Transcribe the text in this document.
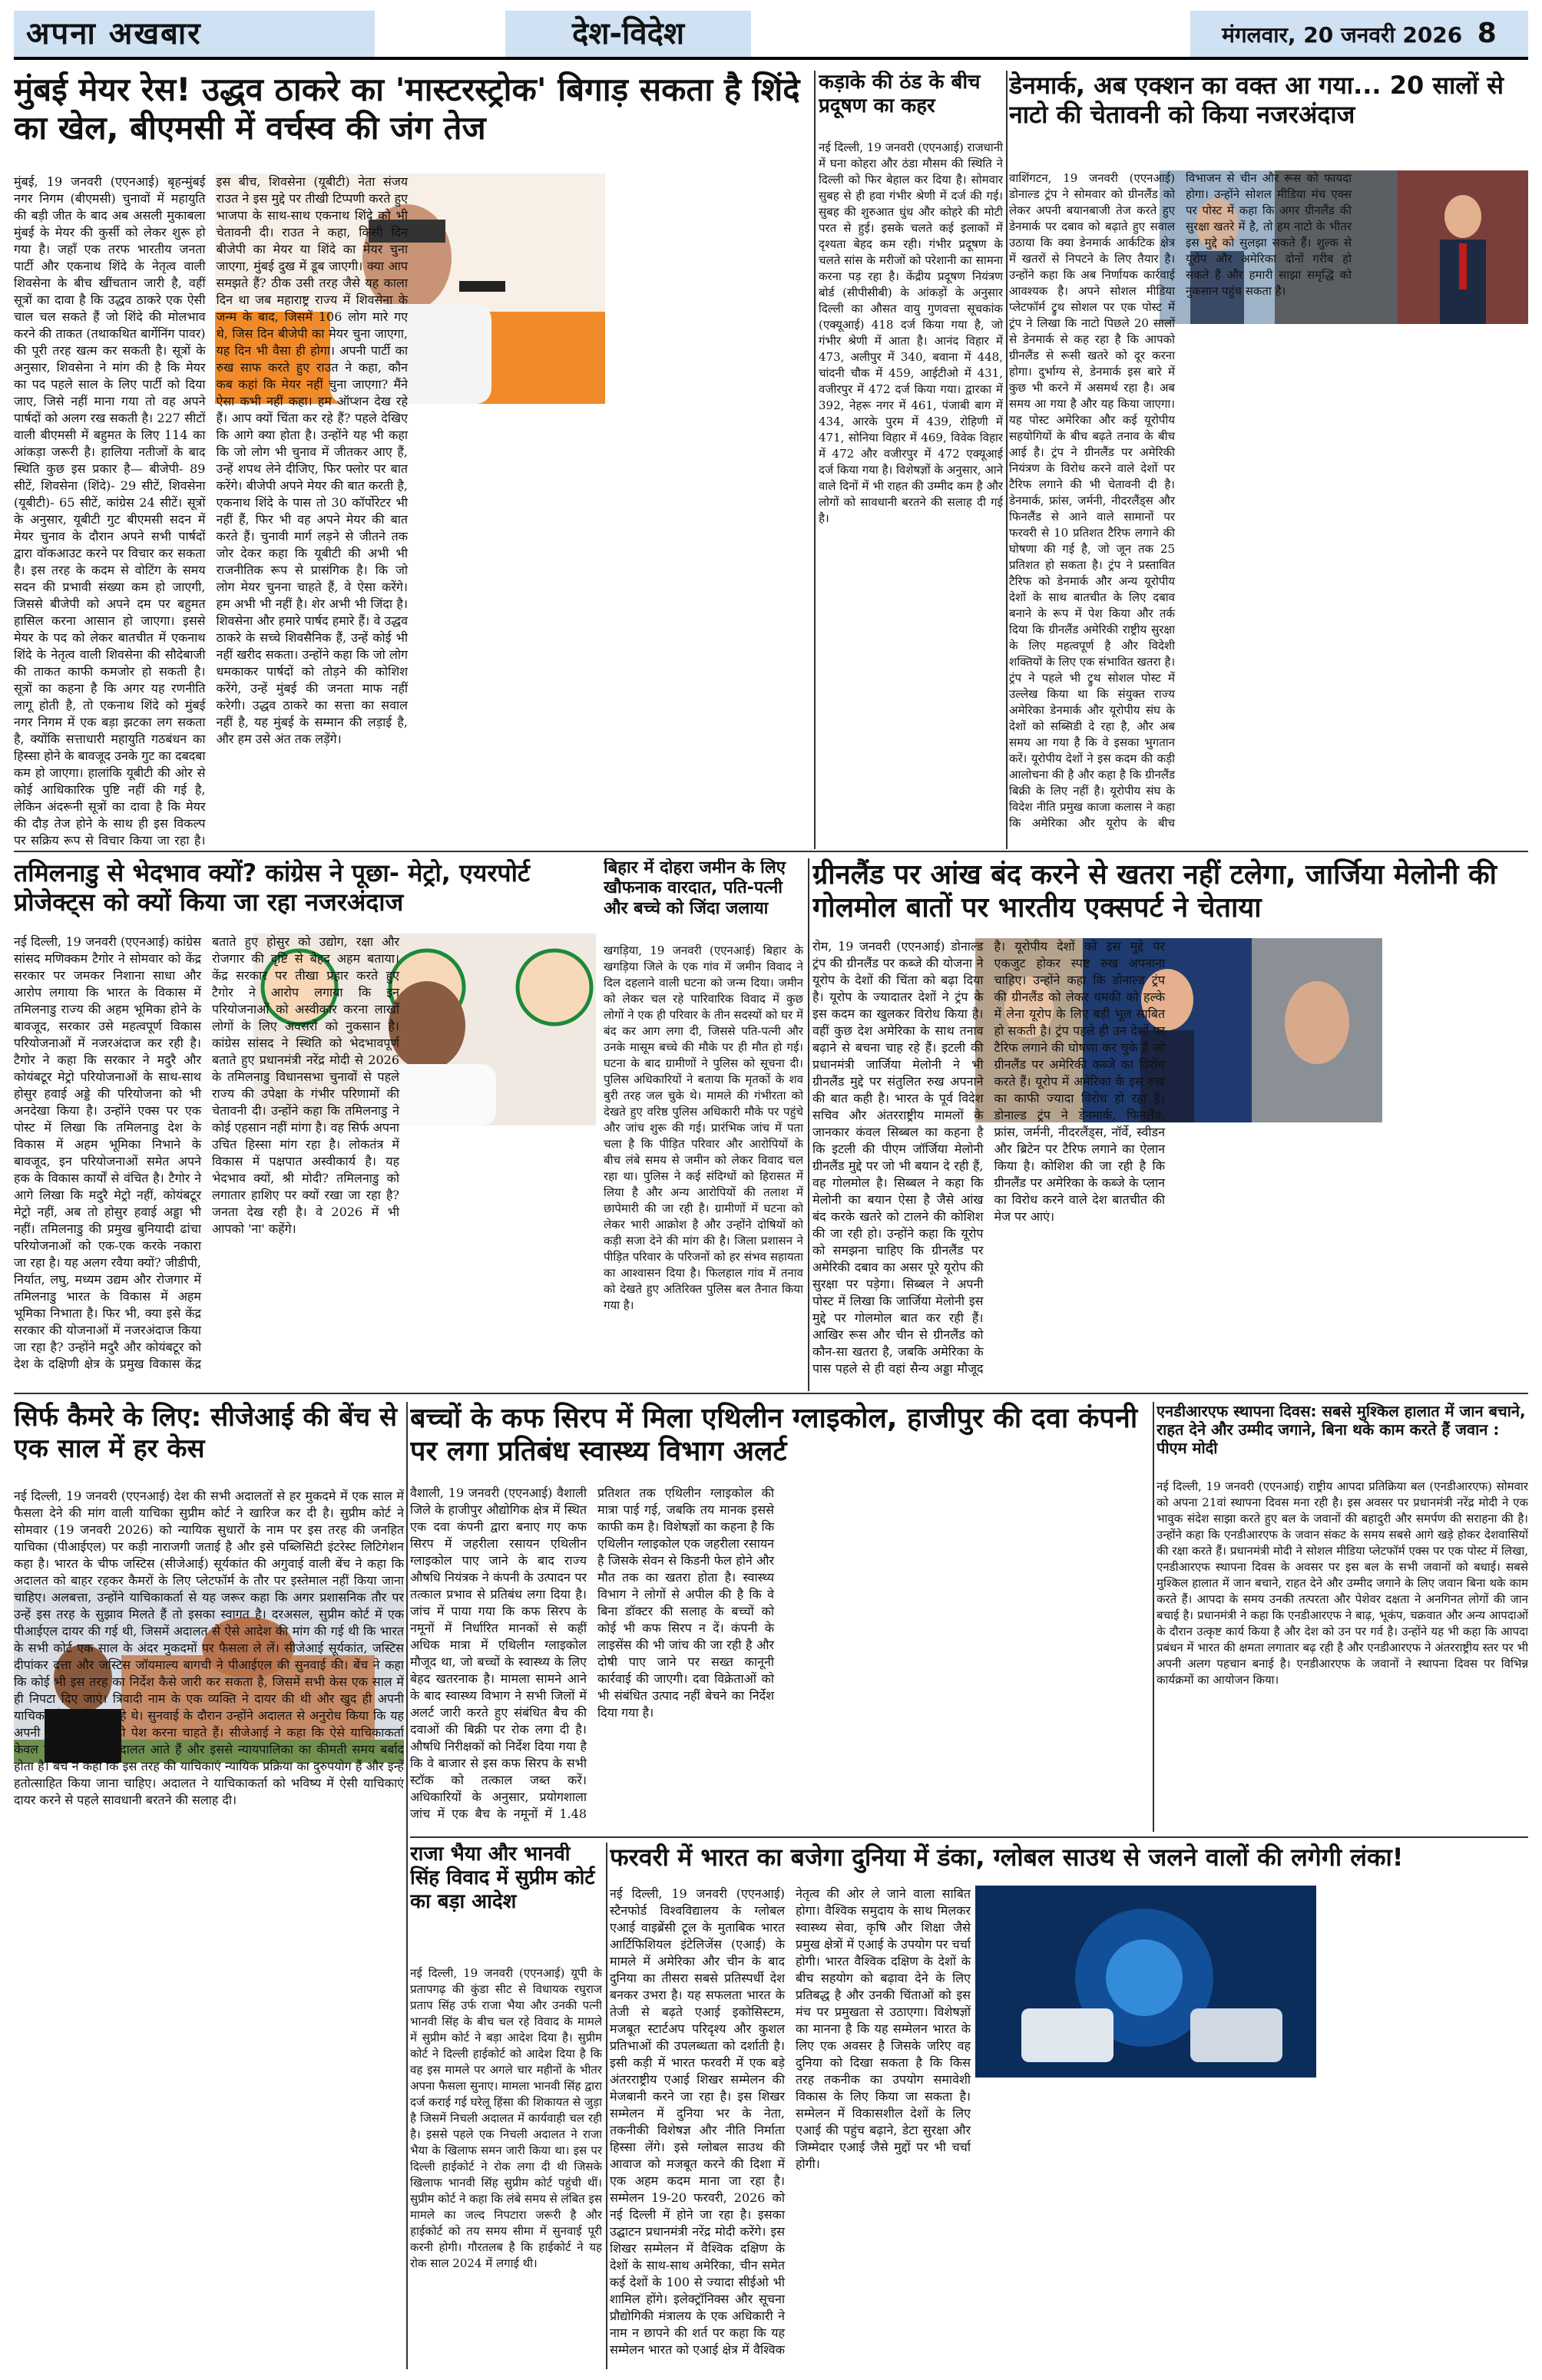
अपना अखबार	देश-विदेश	मंगलवार, 20 जनवरी 2026 8
मुंबई मेयर रेस! उद्धव ठाकरे का 'मास्टरस्ट्रोक' बिगाड़ सकता है शिंदे का खेल, बीएमसी में वर्चस्व की जंग तेज
मुंबई, 19 जनवरी (एएनआई) बृहन्मुंबई नगर निगम (बीएमसी) चुनावों में महायुति की बड़ी जीत के बाद अब असली मुकाबला मुंबई के मेयर की कुर्सी को लेकर शुरू हो गया है। जहाँ एक तरफ भारतीय जनता पार्टी और एकनाथ शिंदे के नेतृत्व वाली शिवसेना के बीच खींचतान जारी है, वहीं सूत्रों का दावा है कि उद्धव ठाकरे एक ऐसी चाल चल सकते हैं जो शिंदे की मोलभाव करने की ताकत (तथाकथित बार्गेनिंग पावर) की पूरी तरह खत्म कर सकती है। सूत्रों के अनुसार, शिवसेना ने मांग की है कि मेयर का पद पहले साल के लिए पार्टी को दिया जाए, जिसे नहीं माना गया तो वह अपने पार्षदों को अलग रख सकती है। 227 सीटों वाली बीएमसी में बहुमत के लिए 114 का आंकड़ा जरूरी है। हालिया नतीजों के बाद स्थिति कुछ इस प्रकार है— बीजेपी- 89 सीटें, शिवसेना (शिंदे)- 29 सीटें, शिवसेना (यूबीटी)- 65 सीटें, कांग्रेस 24 सीटें। सूत्रों के अनुसार, यूबीटी गुट बीएमसी सदन में मेयर चुनाव के दौरान अपने सभी पार्षदों द्वारा वॉकआउट करने पर विचार कर सकता है। इस तरह के कदम से वोटिंग के समय सदन की प्रभावी संख्या कम हो जाएगी, जिससे बीजेपी को अपने दम पर बहुमत हासिल करना आसान हो जाएगा। इससे मेयर के पद को लेकर बातचीत में एकनाथ शिंदे के नेतृत्व वाली शिवसेना की सौदेबाजी की ताकत काफी कमजोर हो सकती है। सूत्रों का कहना है कि अगर यह रणनीति लागू होती है, तो एकनाथ शिंदे को मुंबई नगर निगम में एक बड़ा झटका लग सकता है, क्योंकि सत्ताधारी महायुति गठबंधन का हिस्सा होने के बावजूद उनके गुट का दबदबा कम हो जाएगा। हालांकि यूबीटी की ओर से कोई आधिकारिक पुष्टि नहीं की गई है, लेकिन अंदरूनी सूत्रों का दावा है कि मेयर की दौड़ तेज होने के साथ ही इस विकल्प पर सक्रिय रूप से विचार किया जा रहा है। इस बीच, शिवसेना (यूबीटी) नेता संजय राउत ने इस मुद्दे पर तीखी टिप्पणी करते हुए भाजपा के साथ-साथ एकनाथ शिंदे को भी चेतावनी दी। राउत ने कहा, किसी दिन बीजेपी का मेयर या शिंदे का मेयर चुना जाएगा, मुंबई दुख में डूब जाएगी। क्या आप समझते हैं? ठीक उसी तरह जैसे यह काला दिन था जब महाराष्ट्र राज्य में शिवसेना के जन्म के बाद, जिसमें 106 लोग मारे गए थे, जिस दिन बीजेपी का मेयर चुना जाएगा, यह दिन भी वैसा ही होगा। अपनी पार्टी का रुख साफ करते हुए राउत ने कहा, कौन कब कहां कि मेयर नहीं चुना जाएगा? मैंने ऐसा कभी नहीं कहा। हम ऑप्शन देख रहे हैं। आप क्यों चिंता कर रहे हैं? पहले देखिए कि आगे क्या होता है। उन्होंने यह भी कहा कि जो लोग भी चुनाव में जीतकर आए हैं, उन्हें शपथ लेने दीजिए, फिर फ्लोर पर बात करेंगे। बीजेपी अपने मेयर की बात करती है, एकनाथ शिंदे के पास तो 30 कॉर्पोरेटर भी नहीं हैं, फिर भी वह अपने मेयर की बात करते हैं। चुनावी मार्ग लड़ने से जीतने तक जोर देकर कहा कि यूबीटी की अभी भी राजनीतिक रूप से प्रासंगिक है। कि जो लोग मेयर चुनना चाहते हैं, वे ऐसा करेंगे। हम अभी भी नहीं है। शेर अभी भी जिंदा है। शिवसेना और हमारे पार्षद हमारे हैं। वे उद्धव ठाकरे के सच्चे शिवसैनिक हैं, उन्हें कोई भी नहीं खरीद सकता। उन्होंने कहा कि जो लोग धमकाकर पार्षदों को तोड़ने की कोशिश करेंगे, उन्हें मुंबई की जनता माफ नहीं करेगी। उद्धव ठाकरे का सत्ता का सवाल नहीं है, यह मुंबई के सम्मान की लड़ाई है, और हम उसे अंत तक लड़ेंगे।
कड़ाके की ठंड के बीच प्रदूषण का कहर
नई दिल्ली, 19 जनवरी (एएनआई) राजधानी में घना कोहरा और ठंडा मौसम की स्थिति ने दिल्ली को फिर बेहाल कर दिया है। सोमवार सुबह से ही हवा गंभीर श्रेणी में दर्ज की गई। सुबह की शुरुआत धुंध और कोहरे की मोटी परत से हुई। इसके चलते कई इलाकों में दृश्यता बेहद कम रही। गंभीर प्रदूषण के चलते सांस के मरीजों को परेशानी का सामना करना पड़ रहा है। केंद्रीय प्रदूषण नियंत्रण बोर्ड (सीपीसीबी) के आंकड़ों के अनुसार दिल्ली का औसत वायु गुणवत्ता सूचकांक (एक्यूआई) 418 दर्ज किया गया है, जो गंभीर श्रेणी में आता है। आनंद विहार में 473, अलीपुर में 340, बवाना में 448, चांदनी चौक में 459, आईटीओ में 431, वजीरपुर में 472 दर्ज किया गया। द्वारका में 392, नेहरू नगर में 461, पंजाबी बाग में 434, आरके पुरम में 439, रोहिणी में 471, सोनिया विहार में 469, विवेक विहार में 472 और वजीरपुर में 472 एक्यूआई दर्ज किया गया है। विशेषज्ञों के अनुसार, आने वाले दिनों में भी राहत की उम्मीद कम है और लोगों को सावधानी बरतने की सलाह दी गई है।
डेनमार्क, अब एक्शन का वक्त आ गया... 20 सालों से नाटो की चेतावनी को किया नजरअंदाज
वाशिंगटन, 19 जनवरी (एएनआई) डोनाल्ड ट्रंप ने सोमवार को ग्रीनलैंड को लेकर अपनी बयानबाजी तेज करते हुए डेनमार्क पर दबाव को बढ़ाते हुए सवाल उठाया कि क्या डेनमार्क आर्कटिक क्षेत्र में खतरों से निपटने के लिए तैयार है। उन्होंने कहा कि अब निर्णायक कार्रवाई आवश्यक है। अपने सोशल मीडिया प्लेटफॉर्म ट्रुथ सोशल पर एक पोस्ट में ट्रंप ने लिखा कि नाटो पिछले 20 सालों से डेनमार्क से कह रहा है कि आपको ग्रीनलैंड से रूसी खतरे को दूर करना होगा। दुर्भाग्य से, डेनमार्क इस बारे में कुछ भी करने में असमर्थ रहा है। अब समय आ गया है और यह किया जाएगा। यह पोस्ट अमेरिका और कई यूरोपीय सहयोगियों के बीच बढ़ते तनाव के बीच आई है। ट्रंप ने ग्रीनलैंड पर अमेरिकी नियंत्रण के विरोध करने वाले देशों पर टैरिफ लगाने की भी चेतावनी दी है। डेनमार्क, फ्रांस, जर्मनी, नीदरलैंड्स और फिनलैंड से आने वाले सामानों पर फरवरी से 10 प्रतिशत टैरिफ लगाने की घोषणा की गई है, जो जून तक 25 प्रतिशत हो सकता है। ट्रंप ने प्रस्तावित टैरिफ को डेनमार्क और अन्य यूरोपीय देशों के साथ बातचीत के लिए दबाव बनाने के रूप में पेश किया और तर्क दिया कि ग्रीनलैंड अमेरिकी राष्ट्रीय सुरक्षा के लिए महत्वपूर्ण है और विदेशी शक्तियों के लिए एक संभावित खतरा है। ट्रंप ने पहले भी ट्रुथ सोशल पोस्ट में उल्लेख किया था कि संयुक्त राज्य अमेरिका डेनमार्क और यूरोपीय संघ के देशों को सब्सिडी दे रहा है, और अब समय आ गया है कि वे इसका भुगतान करें। यूरोपीय देशों ने इस कदम की कड़ी आलोचना की है और कहा है कि ग्रीनलैंड बिक्री के लिए नहीं है। यूरोपीय संघ के विदेश नीति प्रमुख काजा कलास ने कहा कि अमेरिका और यूरोप के बीच विभाजन से चीन और रूस को फायदा होगा। उन्होंने सोशल मीडिया मंच एक्स पर पोस्ट में कहा कि अगर ग्रीनलैंड की सुरक्षा खतरे में है, तो हम नाटो के भीतर इस मुद्दे को सुलझा सकते हैं। शुल्क से यूरोप और अमेरिका दोनों गरीब हो सकते हैं और हमारी साझा समृद्धि को नुकसान पहुंच सकता है।
तमिलनाडु से भेदभाव क्यों? कांग्रेस ने पूछा- मेट्रो, एयरपोर्ट प्रोजेक्ट्स को क्यों किया जा रहा नजरअंदाज
नई दिल्ली, 19 जनवरी (एएनआई) कांग्रेस सांसद मणिक्कम टैगोर ने सोमवार को केंद्र सरकार पर जमकर निशाना साधा और आरोप लगाया कि भारत के विकास में तमिलनाडु राज्य की अहम भूमिका होने के बावजूद, सरकार उसे महत्वपूर्ण विकास परियोजनाओं में नजरअंदाज कर रही है। टैगोर ने कहा कि सरकार ने मदुरै और कोयंबटूर मेट्रो परियोजनाओं के साथ-साथ होसुर हवाई अड्डे की परियोजना को भी अनदेखा किया है। उन्होंने एक्स पर एक पोस्ट में लिखा कि तमिलनाडु देश के विकास में अहम भूमिका निभाने के बावजूद, इन परियोजनाओं समेत अपने हक के विकास कार्यों से वंचित है। टैगोर ने आगे लिखा कि मदुरै मेट्रो नहीं, कोयंबटूर मेट्रो नहीं, अब तो होसुर हवाई अड्डा भी नहीं। तमिलनाडु की प्रमुख बुनियादी ढांचा परियोजनाओं को एक-एक करके नकारा जा रहा है। यह अलग रवैया क्यों? जीडीपी, निर्यात, लघु, मध्यम उद्यम और रोजगार में तमिलनाडु भारत के विकास में अहम भूमिका निभाता है। फिर भी, क्या इसे केंद्र सरकार की योजनाओं में नजरअंदाज किया जा रहा है? उन्होंने मदुरै और कोयंबटूर को देश के दक्षिणी क्षेत्र के प्रमुख विकास केंद्र बताते हुए होसुर को उद्योग, रक्षा और रोजगार की दृष्टि से बेहद अहम बताया। केंद्र सरकार पर तीखा प्रहार करते हुए टैगोर ने आरोप लगाया कि इन परियोजनाओं को अस्वीकार करना लाखों लोगों के लिए अवसरों को नुकसान है। कांग्रेस सांसद ने स्थिति को भेदभावपूर्ण बताते हुए प्रधानमंत्री नरेंद्र मोदी से 2026 के तमिलनाडु विधानसभा चुनावों से पहले राज्य की उपेक्षा के गंभीर परिणामों की चेतावनी दी। उन्होंने कहा कि तमिलनाडु ने कोई एहसान नहीं मांगा है। वह सिर्फ अपना उचित हिस्सा मांग रहा है। लोकतंत्र में विकास में पक्षपात अस्वीकार्य है। यह भेदभाव क्यों, श्री मोदी? तमिलनाडु को लगातार हाशिए पर क्यों रखा जा रहा है? जनता देख रही है। वे 2026 में भी आपको 'ना' कहेंगे।
बिहार में दोहरा जमीन के लिए खौफनाक वारदात, पति-पत्नी और बच्चे को जिंदा जलाया
खगड़िया, 19 जनवरी (एएनआई) बिहार के खगड़िया जिले के एक गांव में जमीन विवाद ने दिल दहलाने वाली घटना को जन्म दिया। जमीन को लेकर चल रहे पारिवारिक विवाद में कुछ लोगों ने एक ही परिवार के तीन सदस्यों को घर में बंद कर आग लगा दी, जिससे पति-पत्नी और उनके मासूम बच्चे की मौके पर ही मौत हो गई। घटना के बाद ग्रामीणों ने पुलिस को सूचना दी। पुलिस अधिकारियों ने बताया कि मृतकों के शव बुरी तरह जल चुके थे। मामले की गंभीरता को देखते हुए वरिष्ठ पुलिस अधिकारी मौके पर पहुंचे और जांच शुरू की गई। प्रारंभिक जांच में पता चला है कि पीड़ित परिवार और आरोपियों के बीच लंबे समय से जमीन को लेकर विवाद चल रहा था। पुलिस ने कई संदिग्धों को हिरासत में लिया है और अन्य आरोपियों की तलाश में छापेमारी की जा रही है। ग्रामीणों में घटना को लेकर भारी आक्रोश है और उन्होंने दोषियों को कड़ी सजा देने की मांग की है। जिला प्रशासन ने पीड़ित परिवार के परिजनों को हर संभव सहायता का आश्वासन दिया है। फिलहाल गांव में तनाव को देखते हुए अतिरिक्त पुलिस बल तैनात किया गया है।
ग्रीनलैंड पर आंख बंद करने से खतरा नहीं टलेगा, जार्जिया मेलोनी की गोलमोल बातों पर भारतीय एक्सपर्ट ने चेताया
रोम, 19 जनवरी (एएनआई) डोनाल्ड ट्रंप की ग्रीनलैंड पर कब्जे की योजना ने यूरोप के देशों की चिंता को बढ़ा दिया है। यूरोप के ज्यादातर देशों ने ट्रंप के इस कदम का खुलकर विरोध किया है। वहीं कुछ देश अमेरिका के साथ तनाव बढ़ाने से बचना चाह रहे हैं। इटली की प्रधानमंत्री जार्जिया मेलोनी ने भी ग्रीनलैंड मुद्दे पर संतुलित रुख अपनाने की बात कही है। भारत के पूर्व विदेश सचिव और अंतरराष्ट्रीय मामलों के जानकार कंवल सिब्बल का कहना है कि इटली की पीएम जॉर्जिया मेलोनी ग्रीनलैंड मुद्दे पर जो भी बयान दे रही हैं, वह गोलमोल है। सिब्बल ने कहा कि मेलोनी का बयान ऐसा है जैसे आंख बंद करके खतरे को टालने की कोशिश की जा रही हो। उन्होंने कहा कि यूरोप को समझना चाहिए कि ग्रीनलैंड पर अमेरिकी दबाव का असर पूरे यूरोप की सुरक्षा पर पड़ेगा। सिब्बल ने अपनी पोस्ट में लिखा कि जार्जिया मेलोनी इस मुद्दे पर गोलमोल बात कर रही हैं। आखिर रूस और चीन से ग्रीनलैंड को कौन-सा खतरा है, जबकि अमेरिका के पास पहले से ही वहां सैन्य अड्डा मौजूद है। यूरोपीय देशों को इस मुद्दे पर एकजुट होकर स्पष्ट रुख अपनाना चाहिए। उन्होंने कहा कि डोनाल्ड ट्रंप की ग्रीनलैंड को लेकर धमकी को हल्के में लेना यूरोप के लिए बड़ी भूल साबित हो सकती है। ट्रंप पहले ही उन देशों पर टैरिफ लगाने की घोषणा कर चुके हैं जो ग्रीनलैंड पर अमेरिकी कब्जे का विरोध करते हैं। यूरोप में अमेरिका के इस रुख का काफी ज्यादा विरोध हो रहा है। डोनाल्ड ट्रंप ने डेनमार्क, फिनलैंड, फ्रांस, जर्मनी, नीदरलैंड्स, नॉर्वे, स्वीडन और ब्रिटेन पर टैरिफ लगाने का ऐलान किया है। कोशिश की जा रही है कि ग्रीनलैंड पर अमेरिका के कब्जे के प्लान का विरोध करने वाले देश बातचीत की मेज पर आएं।
सिर्फ कैमरे के लिए: सीजेआई की बेंच से एक साल में हर केस
नई दिल्ली, 19 जनवरी (एएनआई) देश की सभी अदालतों से हर मुकदमे में एक साल में फैसला देने की मांग वाली याचिका सुप्रीम कोर्ट ने खारिज कर दी है। सुप्रीम कोर्ट ने सोमवार (19 जनवरी 2026) को न्यायिक सुधारों के नाम पर इस तरह की जनहित याचिका (पीआईएल) पर कड़ी नाराजगी जताई है और इसे पब्लिसिटी इंटरेस्ट लिटिगेशन कहा है। भारत के चीफ जस्टिस (सीजेआई) सूर्यकांत की अगुवाई वाली बेंच ने कहा कि अदालत को बाहर रहकर कैमरों के लिए प्लेटफॉर्म के तौर पर इस्तेमाल नहीं किया जाना चाहिए। अलबत्ता, उन्होंने याचिकाकर्ता से यह जरूर कहा कि अगर प्रशासनिक तौर पर उन्हें इस तरह के सुझाव मिलते हैं तो इसका स्वागत है। दरअसल, सुप्रीम कोर्ट में एक पीआईएल दायर की गई थी, जिसमें अदालत से ऐसे आदेश की मांग की गई थी कि भारत के सभी कोर्ट एक साल के अंदर मुकदमों पर फैसला ले लें। सीजेआई सूर्यकांत, जस्टिस दीपांकर दत्ता और जस्टिस जॉयमाल्य बागची ने पीआईएल की सुनवाई की। बेंच ने कहा कि कोई भी इस तरह का निर्देश कैसे जारी कर सकता है, जिसमें सभी केस एक साल में ही निपटा दिए जाएं। त्रिवादी नाम के एक व्यक्ति ने दायर की थी और खुद ही अपनी याचिका की पैरवी कर रहे थे। सुनवाई के दौरान उन्होंने अदालत से अनुरोध किया कि यह अपनी दलीलें हिंदी में ही पेश करना चाहते हैं। सीजेआई ने कहा कि ऐसे याचिकाकर्ता केवल प्रचार के लिए अदालत आते हैं और इससे न्यायपालिका का कीमती समय बर्बाद होता है। बेंच ने कहा कि इस तरह की याचिकाएं न्यायिक प्रक्रिया का दुरुपयोग हैं और इन्हें हतोत्साहित किया जाना चाहिए। अदालत ने याचिकाकर्ता को भविष्य में ऐसी याचिकाएं दायर करने से पहले सावधानी बरतने की सलाह दी।
बच्चों के कफ सिरप में मिला एथिलीन ग्लाइकोल, हाजीपुर की दवा कंपनी पर लगा प्रतिबंध स्वास्थ्य विभाग अलर्ट
वैशाली, 19 जनवरी (एएनआई) वैशाली जिले के हाजीपुर औद्योगिक क्षेत्र में स्थित एक दवा कंपनी द्वारा बनाए गए कफ सिरप में जहरीला रसायन एथिलीन ग्लाइकोल पाए जाने के बाद राज्य औषधि नियंत्रक ने कंपनी के उत्पादन पर तत्काल प्रभाव से प्रतिबंध लगा दिया है। जांच में पाया गया कि कफ सिरप के नमूनों में निर्धारित मानकों से कहीं अधिक मात्रा में एथिलीन ग्लाइकोल मौजूद था, जो बच्चों के स्वास्थ्य के लिए बेहद खतरनाक है। मामला सामने आने के बाद स्वास्थ्य विभाग ने सभी जिलों में अलर्ट जारी करते हुए संबंधित बैच की दवाओं की बिक्री पर रोक लगा दी है। औषधि निरीक्षकों को निर्देश दिया गया है कि वे बाजार से इस कफ सिरप के सभी स्टॉक को तत्काल जब्त करें। अधिकारियों के अनुसार, प्रयोगशाला जांच में एक बैच के नमूनों में 1.48 प्रतिशत तक एथिलीन ग्लाइकोल की मात्रा पाई गई, जबकि तय मानक इससे काफी कम है। विशेषज्ञों का कहना है कि एथिलीन ग्लाइकोल एक जहरीला रसायन है जिसके सेवन से किडनी फेल होने और मौत तक का खतरा होता है। स्वास्थ्य विभाग ने लोगों से अपील की है कि वे बिना डॉक्टर की सलाह के बच्चों को कोई भी कफ सिरप न दें। कंपनी के लाइसेंस की भी जांच की जा रही है और दोषी पाए जाने पर सख्त कानूनी कार्रवाई की जाएगी। दवा विक्रेताओं को भी संबंधित उत्पाद नहीं बेचने का निर्देश दिया गया है।
एनडीआरएफ स्थापना दिवस: सबसे मुश्किल हालात में जान बचाने, राहत देने और उम्मीद जगाने, बिना थके काम करते हैं जवान : पीएम मोदी
नई दिल्ली, 19 जनवरी (एएनआई) राष्ट्रीय आपदा प्रतिक्रिया बल (एनडीआरएफ) सोमवार को अपना 21वां स्थापना दिवस मना रही है। इस अवसर पर प्रधानमंत्री नरेंद्र मोदी ने एक भावुक संदेश साझा करते हुए बल के जवानों की बहादुरी और समर्पण की सराहना की है। उन्होंने कहा कि एनडीआरएफ के जवान संकट के समय सबसे आगे खड़े होकर देशवासियों की रक्षा करते हैं। प्रधानमंत्री मोदी ने सोशल मीडिया प्लेटफॉर्म एक्स पर एक पोस्ट में लिखा, एनडीआरएफ स्थापना दिवस के अवसर पर इस बल के सभी जवानों को बधाई। सबसे मुश्किल हालात में जान बचाने, राहत देने और उम्मीद जगाने के लिए जवान बिना थके काम करते हैं। आपदा के समय उनकी तत्परता और पेशेवर दक्षता ने अनगिनत लोगों की जान बचाई है। प्रधानमंत्री ने कहा कि एनडीआरएफ ने बाढ़, भूकंप, चक्रवात और अन्य आपदाओं के दौरान उत्कृष्ट कार्य किया है और देश को उन पर गर्व है। उन्होंने यह भी कहा कि आपदा प्रबंधन में भारत की क्षमता लगातार बढ़ रही है और एनडीआरएफ ने अंतरराष्ट्रीय स्तर पर भी अपनी अलग पहचान बनाई है। एनडीआरएफ के जवानों ने स्थापना दिवस पर विभिन्न कार्यक्रमों का आयोजन किया।
राजा भैया और भानवी सिंह विवाद में सुप्रीम कोर्ट का बड़ा आदेश
नई दिल्ली, 19 जनवरी (एएनआई) यूपी के प्रतापगढ़ की कुंडा सीट से विधायक रघुराज प्रताप सिंह उर्फ राजा भैया और उनकी पत्नी भानवी सिंह के बीच चल रहे विवाद के मामले में सुप्रीम कोर्ट ने बड़ा आदेश दिया है। सुप्रीम कोर्ट ने दिल्ली हाईकोर्ट को आदेश दिया है कि वह इस मामले पर अगले चार महीनों के भीतर अपना फैसला सुनाए। मामला भानवी सिंह द्वारा दर्ज कराई गई घरेलू हिंसा की शिकायत से जुड़ा है जिसमें निचली अदालत में कार्यवाही चल रही है। इससे पहले एक निचली अदालत ने राजा भैया के खिलाफ समन जारी किया था। इस पर दिल्ली हाईकोर्ट ने रोक लगा दी थी जिसके खिलाफ भानवी सिंह सुप्रीम कोर्ट पहुंची थीं। सुप्रीम कोर्ट ने कहा कि लंबे समय से लंबित इस मामले का जल्द निपटारा जरूरी है और हाईकोर्ट को तय समय सीमा में सुनवाई पूरी करनी होगी। गौरतलब है कि हाईकोर्ट ने यह रोक साल 2024 में लगाई थी।
फरवरी में भारत का बजेगा दुनिया में डंका, ग्लोबल साउथ से जलने वालों की लगेगी लंका!
नई दिल्ली, 19 जनवरी (एएनआई) स्टैनफोर्ड विश्वविद्यालय के ग्लोबल एआई वाइब्रेंसी टूल के मुताबिक भारत आर्टिफिशियल इंटेलिजेंस (एआई) के मामले में अमेरिका और चीन के बाद दुनिया का तीसरा सबसे प्रतिस्पर्धी देश बनकर उभरा है। यह सफलता भारत के तेजी से बढ़ते एआई इकोसिस्टम, मजबूत स्टार्टअप परिदृश्य और कुशल प्रतिभाओं की उपलब्धता को दर्शाती है। इसी कड़ी में भारत फरवरी में एक बड़े अंतरराष्ट्रीय एआई शिखर सम्मेलन की मेजबानी करने जा रहा है। इस शिखर सम्मेलन में दुनिया भर के नेता, तकनीकी विशेषज्ञ और नीति निर्माता हिस्सा लेंगे। इसे ग्लोबल साउथ की आवाज को मजबूत करने की दिशा में एक अहम कदम माना जा रहा है। सम्मेलन 19-20 फरवरी, 2026 को नई दिल्ली में होने जा रहा है। इसका उद्घाटन प्रधानमंत्री नरेंद्र मोदी करेंगे। इस शिखर सम्मेलन में वैश्विक दक्षिण के देशों के साथ-साथ अमेरिका, चीन समेत कई देशों के 100 से ज्यादा सीईओ भी शामिल होंगे। इलेक्ट्रॉनिक्स और सूचना प्रौद्योगिकी मंत्रालय के एक अधिकारी ने नाम न छापने की शर्त पर कहा कि यह सम्मेलन भारत को एआई क्षेत्र में वैश्विक नेतृत्व की ओर ले जाने वाला साबित होगा। वैश्विक समुदाय के साथ मिलकर स्वास्थ्य सेवा, कृषि और शिक्षा जैसे प्रमुख क्षेत्रों में एआई के उपयोग पर चर्चा होगी। भारत वैश्विक दक्षिण के देशों के बीच सहयोग को बढ़ावा देने के लिए प्रतिबद्ध है और उनकी चिंताओं को इस मंच पर प्रमुखता से उठाएगा। विशेषज्ञों का मानना है कि यह सम्मेलन भारत के लिए एक अवसर है जिसके जरिए वह दुनिया को दिखा सकता है कि किस तरह तकनीक का उपयोग समावेशी विकास के लिए किया जा सकता है। सम्मेलन में विकासशील देशों के लिए एआई की पहुंच बढ़ाने, डेटा सुरक्षा और जिम्मेदार एआई जैसे मुद्दों पर भी चर्चा होगी।
